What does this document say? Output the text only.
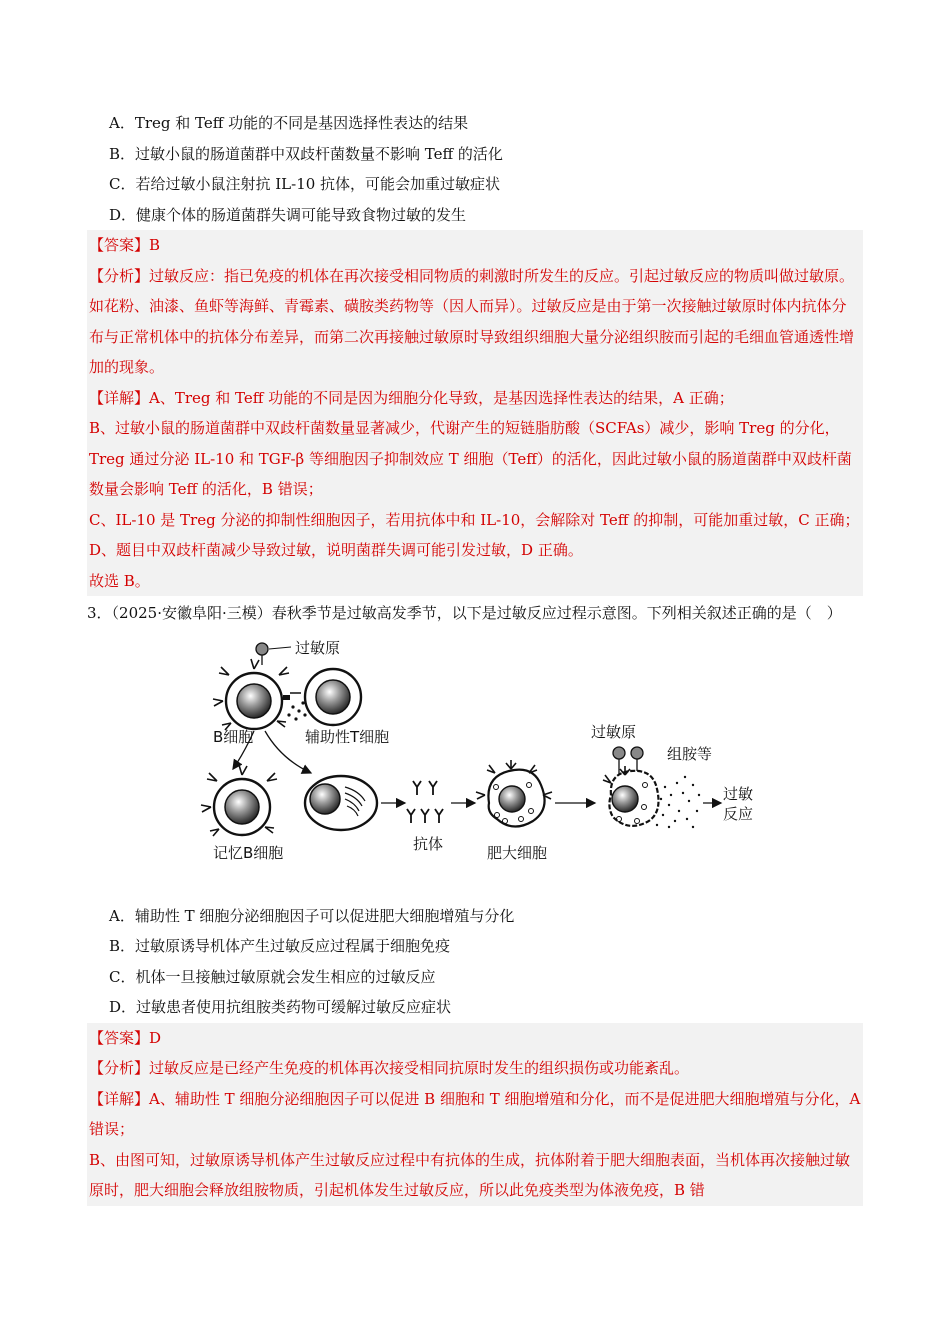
A．Treg 和 Teff 功能的不同是基因选择性表达的结果
B．过敏小鼠的肠道菌群中双歧杆菌数量不影响 Teff 的活化
C．若给过敏小鼠注射抗 IL-10 抗体，可能会加重过敏症状
D．健康个体的肠道菌群失调可能导致食物过敏的发生

【答案】B

【分析】过敏反应：指已免疫的机体在再次接受相同物质的刺激时所发生的反应。引起过敏反应的物质叫做过敏原。如花粉、油漆、鱼虾等海鲜、青霉素、磺胺类药物等（因人而异）。过敏反应是由于第一次接触过敏原时体内抗体分布与正常机体中的抗体分布差异，而第二次再接触过敏原时导致组织细胞大量分泌组织胺而引起的毛细血管通透性增加的现象。

【详解】A、Treg 和 Teff 功能的不同是因为细胞分化导致，是基因选择性表达的结果，A 正确；

B、过敏小鼠的肠道菌群中双歧杆菌数量显著减少，代谢产生的短链脂肪酸（SCFAs）减少，影响 Treg 的分化，Treg 通过分泌 IL-10 和 TGF-β 等细胞因子抑制效应 T 细胞（Teff）的活化，因此过敏小鼠的肠道菌群中双歧杆菌数量会影响 Teff 的活化，B 错误；

C、IL-10 是 Treg 分泌的抑制性细胞因子，若用抗体中和 IL-10，会解除对 Teff 的抑制，可能加重过敏，C 正确；

D、题目中双歧杆菌减少导致过敏，说明菌群失调可能引发过敏，D 正确。

故选 B。

3．（2025·安徽阜阳·三模）春秋季节是过敏高发季节，以下是过敏反应过程示意图。下列相关叙述正确的是（　）

过敏原
B细胞	辅助性T细胞
记忆B细胞	抗体	肥大细胞
过敏原
组胺等
过敏
反应
A．辅助性 T 细胞分泌细胞因子可以促进肥大细胞增殖与分化
B．过敏原诱导机体产生过敏反应过程属于细胞免疫
C．机体一旦接触过敏原就会发生相应的过敏反应
D．过敏患者使用抗组胺类药物可缓解过敏反应症状

【答案】D

【分析】过敏反应是已经产生免疫的机体再次接受相同抗原时发生的组织损伤或功能紊乱。

【详解】A、辅助性 T 细胞分泌细胞因子可以促进 B 细胞和 T 细胞增殖和分化，而不是促进肥大细胞增殖与分化，A 错误；

B、由图可知，过敏原诱导机体产生过敏反应过程中有抗体的生成，抗体附着于肥大细胞表面，当机体再次接触过敏原时，肥大细胞会释放组胺物质，引起机体发生过敏反应，所以此免疫类型为体液免疫，B 错
